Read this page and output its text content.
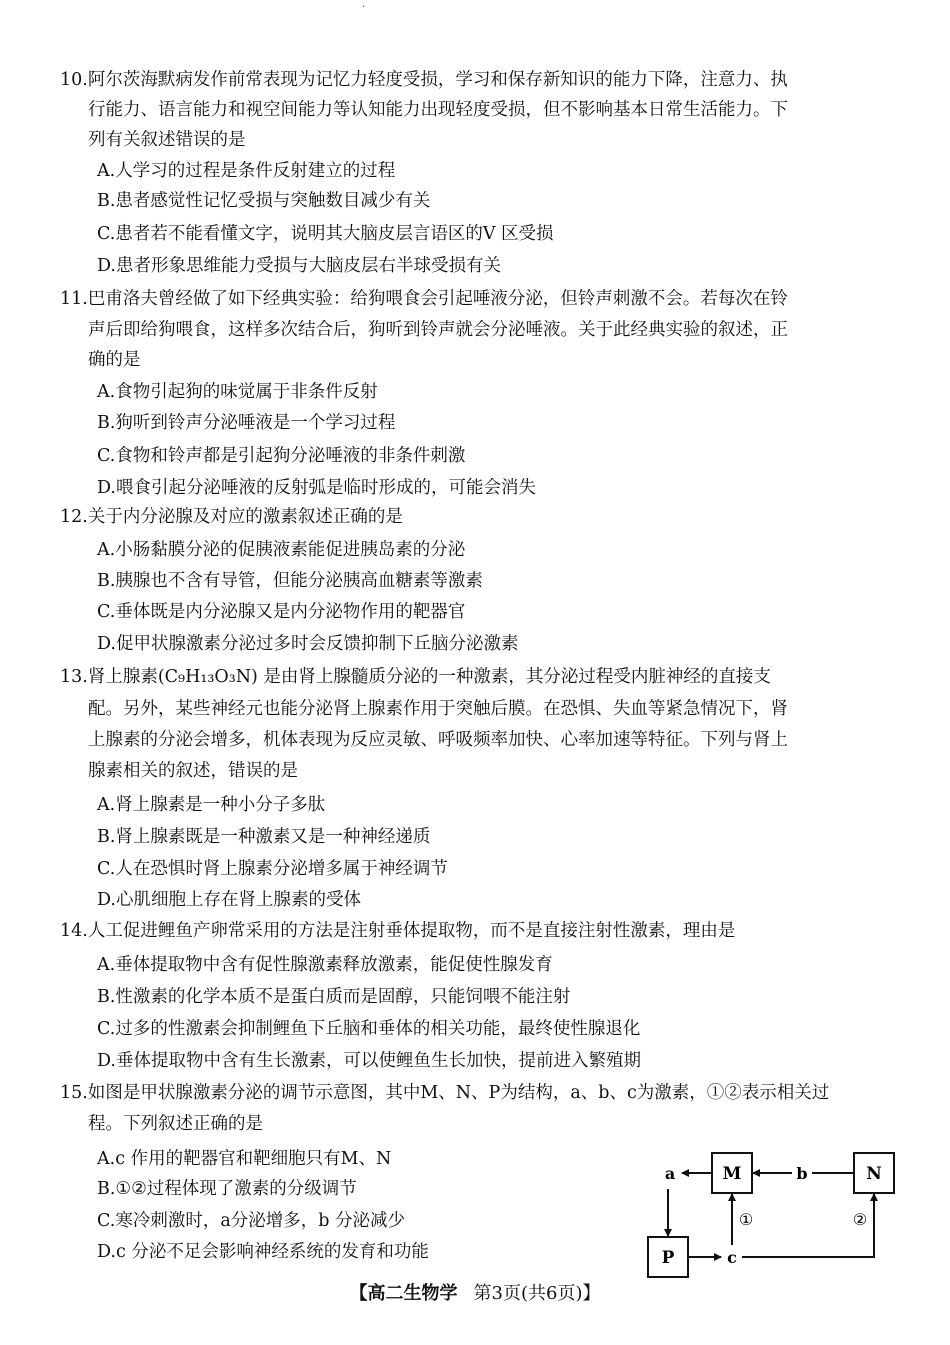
·
10.阿尔茨海默病发作前常表现为记忆力轻度受损，学习和保存新知识的能力下降，注意力、执
行能力、语言能力和视空间能力等认知能力出现轻度受损，但不影响基本日常生活能力。下
列有关叙述错误的是
A.人学习的过程是条件反射建立的过程
B.患者感觉性记忆受损与突触数目减少有关
C.患者若不能看懂文字，说明其大脑皮层言语区的V 区受损
D.患者形象思维能力受损与大脑皮层右半球受损有关
11.巴甫洛夫曾经做了如下经典实验：给狗喂食会引起唾液分泌，但铃声刺激不会。若每次在铃
声后即给狗喂食，这样多次结合后，狗听到铃声就会分泌唾液。关于此经典实验的叙述，正
确的是
A.食物引起狗的味觉属于非条件反射
B.狗听到铃声分泌唾液是一个学习过程
C.食物和铃声都是引起狗分泌唾液的非条件刺激
D.喂食引起分泌唾液的反射弧是临时形成的，可能会消失
12.关于内分泌腺及对应的激素叙述正确的是
A.小肠黏膜分泌的促胰液素能促进胰岛素的分泌
B.胰腺也不含有导管，但能分泌胰高血糖素等激素
C.垂体既是内分泌腺又是内分泌物作用的靶器官
D.促甲状腺激素分泌过多时会反馈抑制下丘脑分泌激素
13.肾上腺素(C₉H₁₃O₃N) 是由肾上腺髓质分泌的一种激素，其分泌过程受内脏神经的直接支
配。另外，某些神经元也能分泌肾上腺素作用于突触后膜。在恐惧、失血等紧急情况下，肾
上腺素的分泌会增多，机体表现为反应灵敏、呼吸频率加快、心率加速等特征。下列与肾上
腺素相关的叙述，错误的是
A.肾上腺素是一种小分子多肽
B.肾上腺素既是一种激素又是一种神经递质
C.人在恐惧时肾上腺素分泌增多属于神经调节
D.心肌细胞上存在肾上腺素的受体
14.人工促进鲤鱼产卵常采用的方法是注射垂体提取物，而不是直接注射性激素，理由是
A.垂体提取物中含有促性腺激素释放激素，能促使性腺发育
B.性激素的化学本质不是蛋白质而是固醇，只能饲喂不能注射
C.过多的性激素会抑制鲤鱼下丘脑和垂体的相关功能，最终使性腺退化
D.垂体提取物中含有生长激素，可以使鲤鱼生长加快，提前进入繁殖期
15.如图是甲状腺激素分泌的调节示意图，其中M、N、P为结构，a、b、c为激素，①②表示相关过
程。下列叙述正确的是
A.c 作用的靶器官和靶细胞只有M、N
B.①②过程体现了激素的分级调节
C.寒冷刺激时，a分泌增多，b 分泌减少
D.c 分泌不足会影响神经系统的发育和功能
M	N
P
b
a
c
①	②
【高二生物学 第3页(共6页)】
